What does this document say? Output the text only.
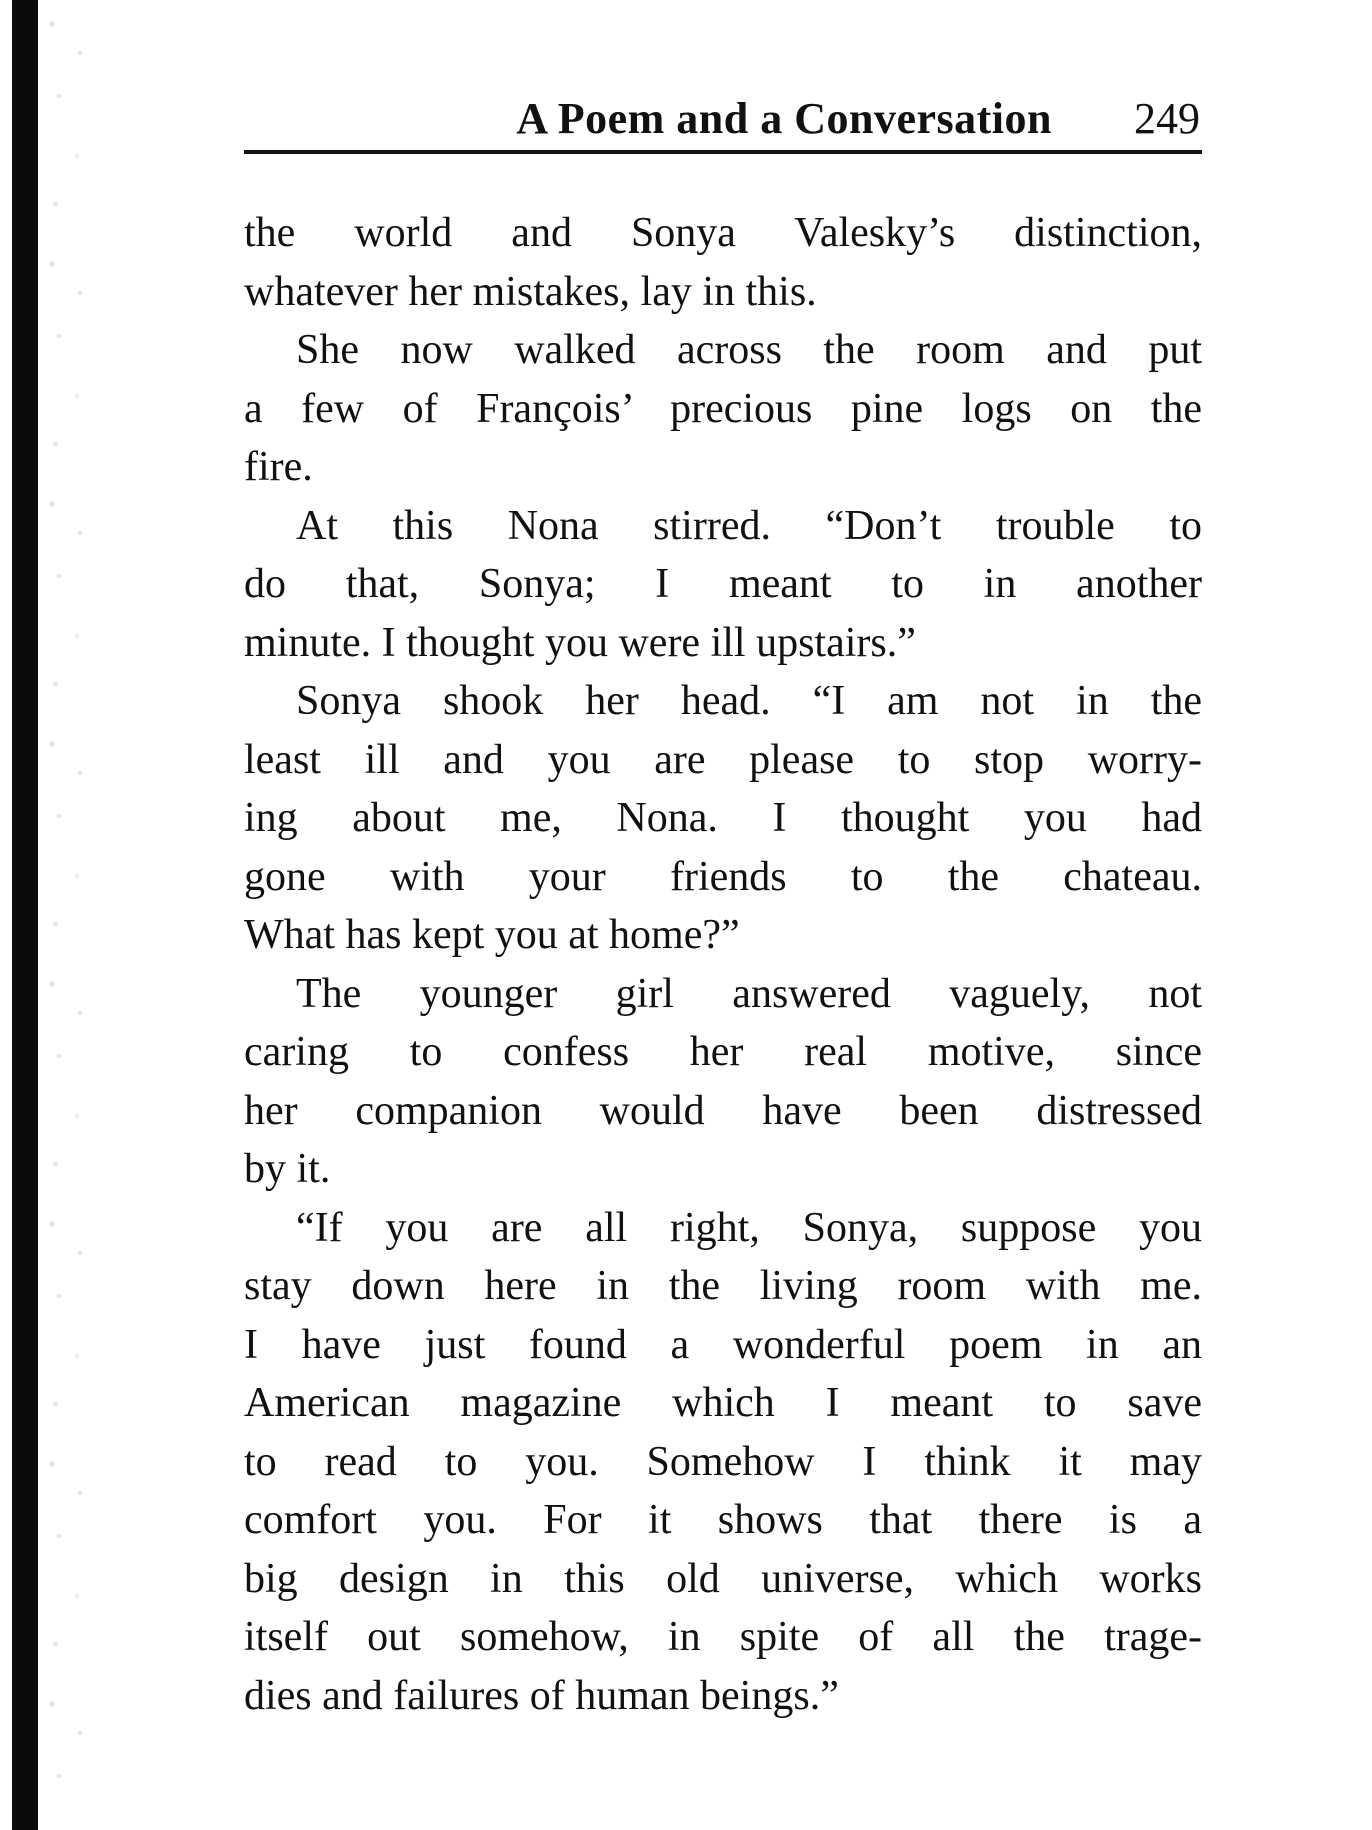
A Poem and a Conversation 249

the world and Sonya Valesky’s distinction,
whatever her mistakes, lay in this.

She now walked across the room and put
a few of François’ precious pine logs on the
fire.

At this Nona stirred. “Don’t trouble to
do that, Sonya; I meant to in another
minute. I thought you were ill upstairs.”

Sonya shook her head. “I am not in the
least ill and you are please to stop worry-
ing about me, Nona. I thought you had
gone with your friends to the chateau.
What has kept you at home?”

The younger girl answered vaguely, not
caring to confess her real motive, since
her companion would have been distressed
by it.

“If you are all right, Sonya, suppose you
stay down here in the living room with me.
I have just found a wonderful poem in an
American magazine which I meant to save
to read to you. Somehow I think it may
comfort you. For it shows that there is a
big design in this old universe, which works
itself out somehow, in spite of all the trage-
dies and failures of human beings.”
